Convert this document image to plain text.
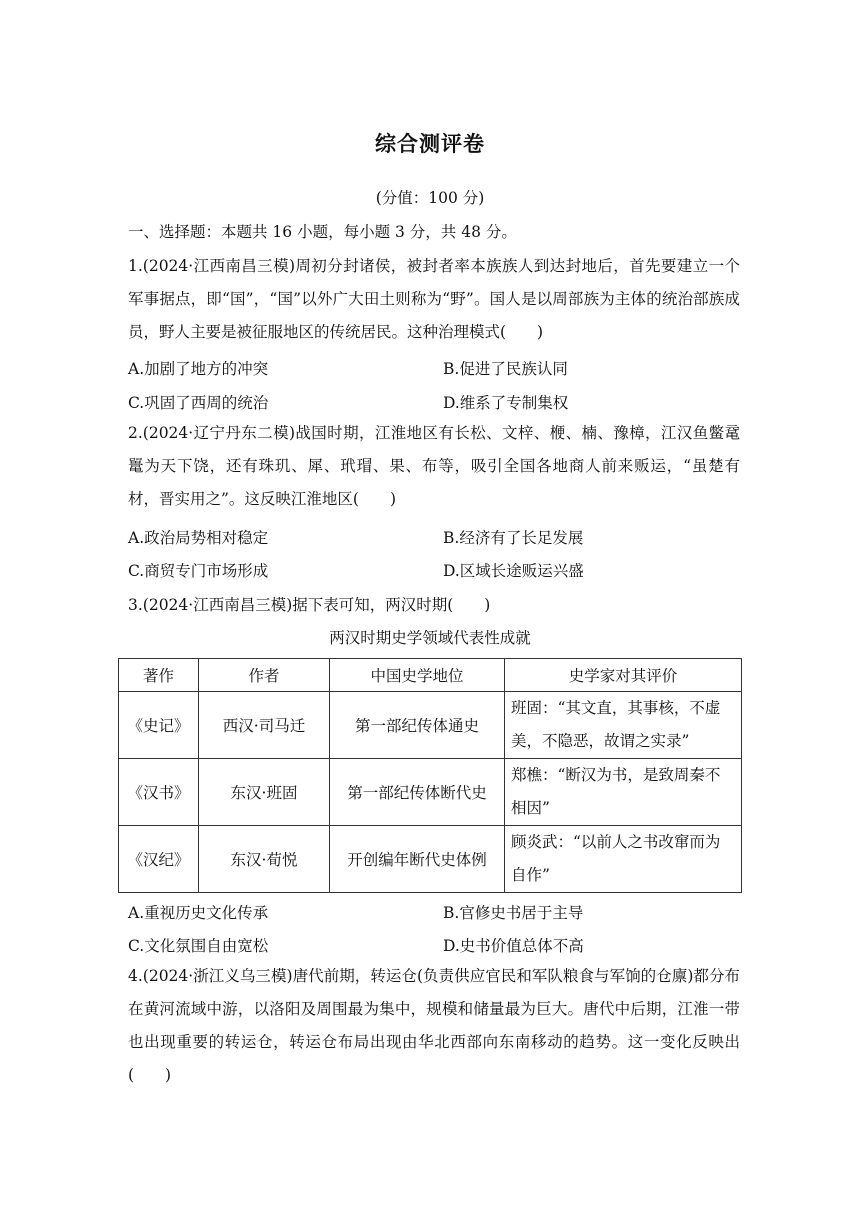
综合测评卷
(分值：100 分)
一、选择题：本题共 16 小题，每小题 3 分，共 48 分。
1.(2024·江西南昌三模)周初分封诸侯，被封者率本族族人到达封地后，首先要建立一个军事据点，即“国”，“国”以外广大田土则称为“野”。国人是以周部族为主体的统治部族成员，野人主要是被征服地区的传统居民。这种治理模式(　　)
A.加剧了地方的冲突	B.促进了民族认同
C.巩固了西周的统治	D.维系了专制集权
2.(2024·辽宁丹东二模)战国时期，江淮地区有长松、文梓、楩、楠、豫樟，江汉鱼鳖鼋鼍为天下饶，还有珠玑、犀、玳瑁、果、布等，吸引全国各地商人前来贩运，“虽楚有材，晋实用之”。这反映江淮地区(　　)
A.政治局势相对稳定	B.经济有了长足发展
C.商贸专门市场形成	D.区域长途贩运兴盛
3.(2024·江西南昌三模)据下表可知，两汉时期(　　)
两汉时期史学领域代表性成就
著作	作者	中国史学地位	史学家对其评价
《史记》	西汉·司马迁	第一部纪传体通史	班固：“其文直，其事核，不虚美，不隐恶，故谓之实录”
《汉书》	东汉·班固	第一部纪传体断代史	郑樵：“断汉为书，是致周秦不相因”
《汉纪》	东汉·荀悦	开创编年断代史体例	顾炎武：“以前人之书改窜而为自作”
A.重视历史文化传承	B.官修史书居于主导
C.文化氛围自由宽松	D.史书价值总体不高
4.(2024·浙江义乌三模)唐代前期，转运仓(负责供应官民和军队粮食与军饷的仓廪)都分布在黄河流域中游，以洛阳及周围最为集中，规模和储量最为巨大。唐代中后期，江淮一带也出现重要的转运仓，转运仓布局出现由华北西部向东南移动的趋势。这一变化反映出(　　)
